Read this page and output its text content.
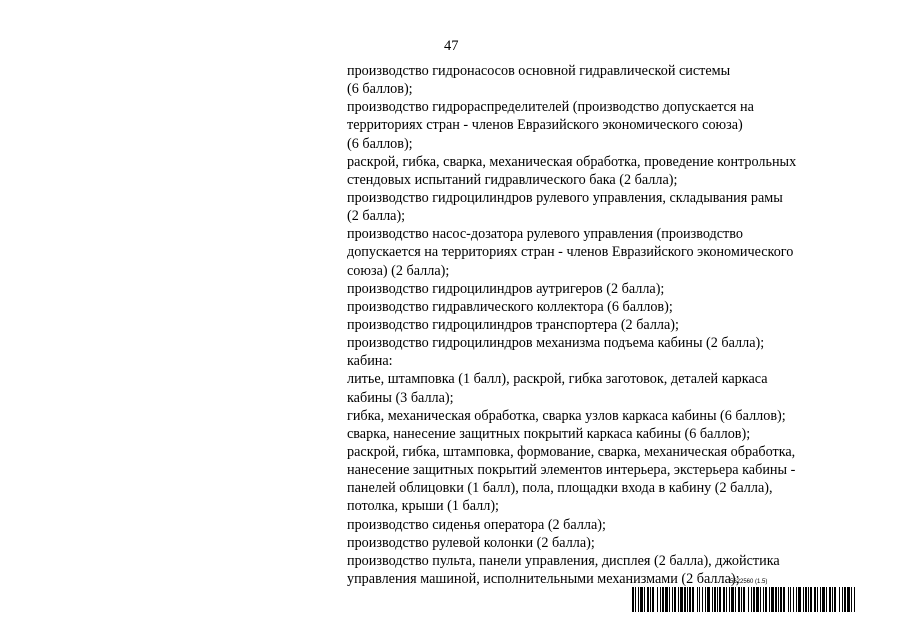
47
производство гидронасосов основной гидравлической системы
(6 баллов);
производство гидрораспределителей (производство допускается на
территориях стран - членов Евразийского экономического союза)
(6 баллов);
раскрой, гибка, сварка, механическая обработка, проведение контрольных
стендовых испытаний гидравлического бака (2 балла);
производство гидроцилиндров рулевого управления, складывания рамы
(2 балла);
производство насос-дозатора рулевого управления (производство
допускается на территориях стран - членов Евразийского экономического
союза) (2 балла);
производство гидроцилиндров аутригеров (2 балла);
производство гидравлического коллектора (6 баллов);
производство гидроцилиндров транспортера (2 балла);
производство гидроцилиндров механизма подъема кабины (2 балла);
кабина:
литье, штамповка (1 балл), раскрой, гибка заготовок, деталей каркаса
кабины (3 балла);
гибка, механическая обработка, сварка узлов каркаса кабины (6 баллов);
сварка, нанесение защитных покрытий каркаса кабины (6 баллов);
раскрой, гибка, штамповка, формование, сварка, механическая обработка,
нанесение защитных покрытий элементов интерьера, экстерьера кабины -
панелей облицовки (1 балл), пола, площадки входа в кабину (2 балла),
потолка, крыши (1 балл);
производство сиденья оператора (2 балла);
производство рулевой колонки (2 балла);
производство пульта, панели управления, дисплея (2 балла), джойстика
управления машиной, исполнительными механизмами (2 балла);
5622560 (1.5)
